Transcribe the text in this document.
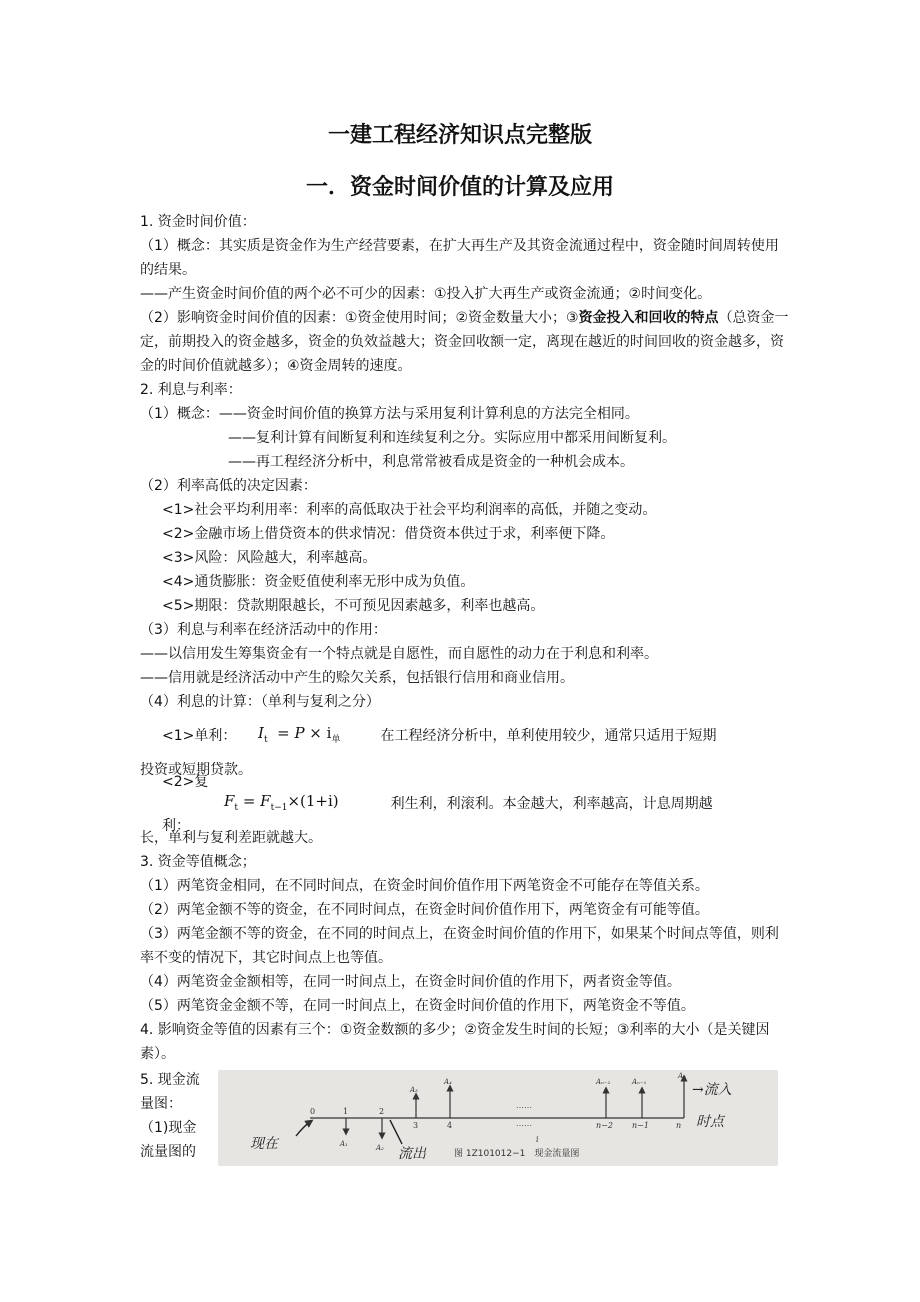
一建工程经济知识点完整版
一．资金时间价值的计算及应用

1. 资金时间价值：

（1）概念：其实质是资金作为生产经营要素，在扩大再生产及其资金流通过程中，资金随时间周转使用的结果。

——产生资金时间价值的两个必不可少的因素：①投入扩大再生产或资金流通；②时间变化。

（2）影响资金时间价值的因素：①资金使用时间；②资金数量大小；③资金投入和回收的特点（总资金一定，前期投入的资金越多，资金的负效益越大；资金回收额一定，离现在越近的时间回收的资金越多，资金的时间价值就越多）；④资金周转的速度。

2. 利息与利率：

（1）概念：——资金时间价值的换算方法与采用复利计算利息的方法完全相同。

——复利计算有间断复利和连续复利之分。实际应用中都采用间断复利。

——再工程经济分析中，利息常常被看成是资金的一种机会成本。

（2）利率高低的决定因素：

<1>社会平均利用率：利率的高低取决于社会平均利润率的高低，并随之变动。

<2>金融市场上借贷资本的供求情况：借贷资本供过于求，利率便下降。

<3>风险：风险越大，利率越高。

<4>通货膨胀：资金贬值使利率无形中成为负值。

<5>期限：贷款期限越长，不可预见因素越多，利率也越高。

（3）利息与利率在经济活动中的作用：

——以信用发生筹集资金有一个特点就是自愿性，而自愿性的动力在于利息和利率。

——信用就是经济活动中产生的赊欠关系，包括银行信用和商业信用。

（4）利息的计算：（单利与复利之分）

<1>单利：	$I_t = P \times i_单$	在工程经济分析中，单利使用较少，通常只适用于短期

投资或短期贷款。

<2>复利：
$F_t = F_{t-1}\times(1+i)$	利生利，利滚利。本金越大，利率越高，计息周期越

长，单利与复利差距就越大。

3. 资金等值概念；

（1）两笔资金相同，在不同时间点，在资金时间价值作用下两笔资金不可能存在等值关系。

（2）两笔金额不等的资金，在不同时间点，在资金时间价值作用下，两笔资金有可能等值。

（3）两笔金额不等的资金，在不同的时间点上，在资金时间价值的作用下，如果某个时间点等值，则利率不变的情况下，其它时间点上也等值。

（4）两笔资金金额相等，在同一时间点上，在资金时间价值的作用下，两者资金等值。

（5）两笔资金金额不等，在同一时间点上，在资金时间价值的作用下，两笔资金不等值。

4. 影响资金等值的因素有三个：①资金数额的多少；②资金发生时间的长短；③利率的大小（是关键因素）。

5. 现金流
量图：
（1)现金
流量图的
0	1	2
3	4	n−2 n−1	n
A₃
A₄	Aₙ₋₂	Aₙ₋₁
Aₙ
A₁	A₂
……
……
i
图 1Z101012−1　现金流量图
→流入
时点
现在
流出
